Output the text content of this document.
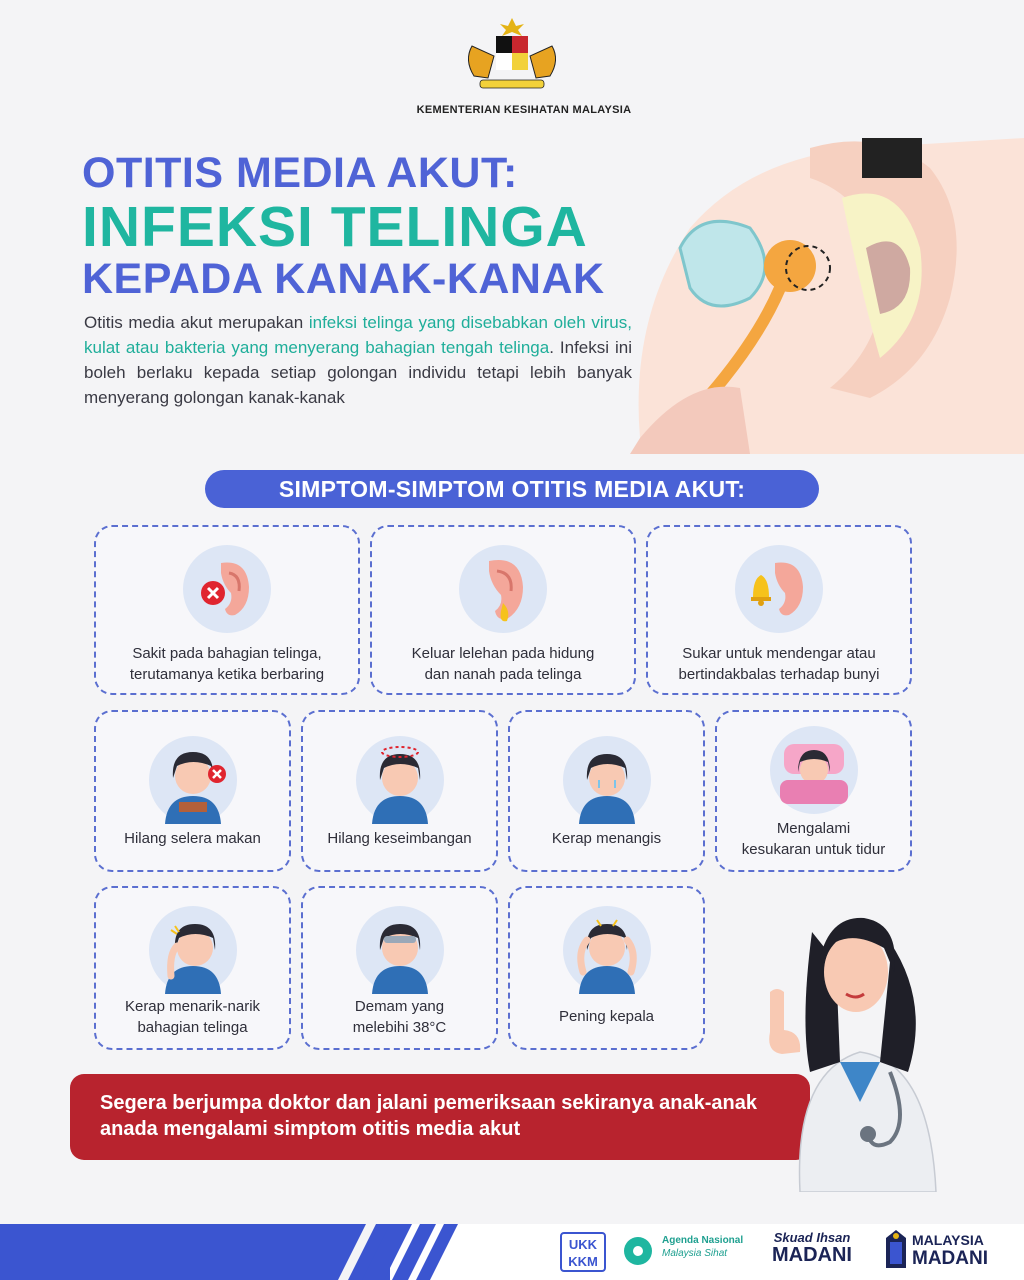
KEMENTERIAN KESIHATAN MALAYSIA
OTITIS MEDIA AKUT:
INFEKSI TELINGA
KEPADA KANAK-KANAK
Otitis media akut merupakan infeksi telinga yang disebabkan oleh virus, kulat atau bakteria yang menyerang bahagian tengah telinga. Infeksi ini boleh berlaku kepada setiap golongan individu tetapi lebih banyak menyerang golongan kanak-kanak
SIMPTOM-SIMPTOM OTITIS MEDIA AKUT:
Sakit pada bahagian telinga,
terutamanya ketika berbaring
Keluar lelehan pada hidung
dan nanah pada telinga
Sukar untuk mendengar atau
bertindakbalas terhadap bunyi
Hilang selera makan	Hilang keseimbangan	Kerap menangis
Mengalami
kesukaran untuk tidur
Kerap menarik-narik
bahagian telinga
Demam yang
melebihi 38°C
Pening kepala
Segera berjumpa doktor dan jalani pemeriksaan sekiranya anak-anak anada mengalami simptom otitis media akut
UKK
KKM
Agenda Nasional
Malaysia Sihat
Skuad Ihsan
MADANI
MALAYSIA
MADANI
